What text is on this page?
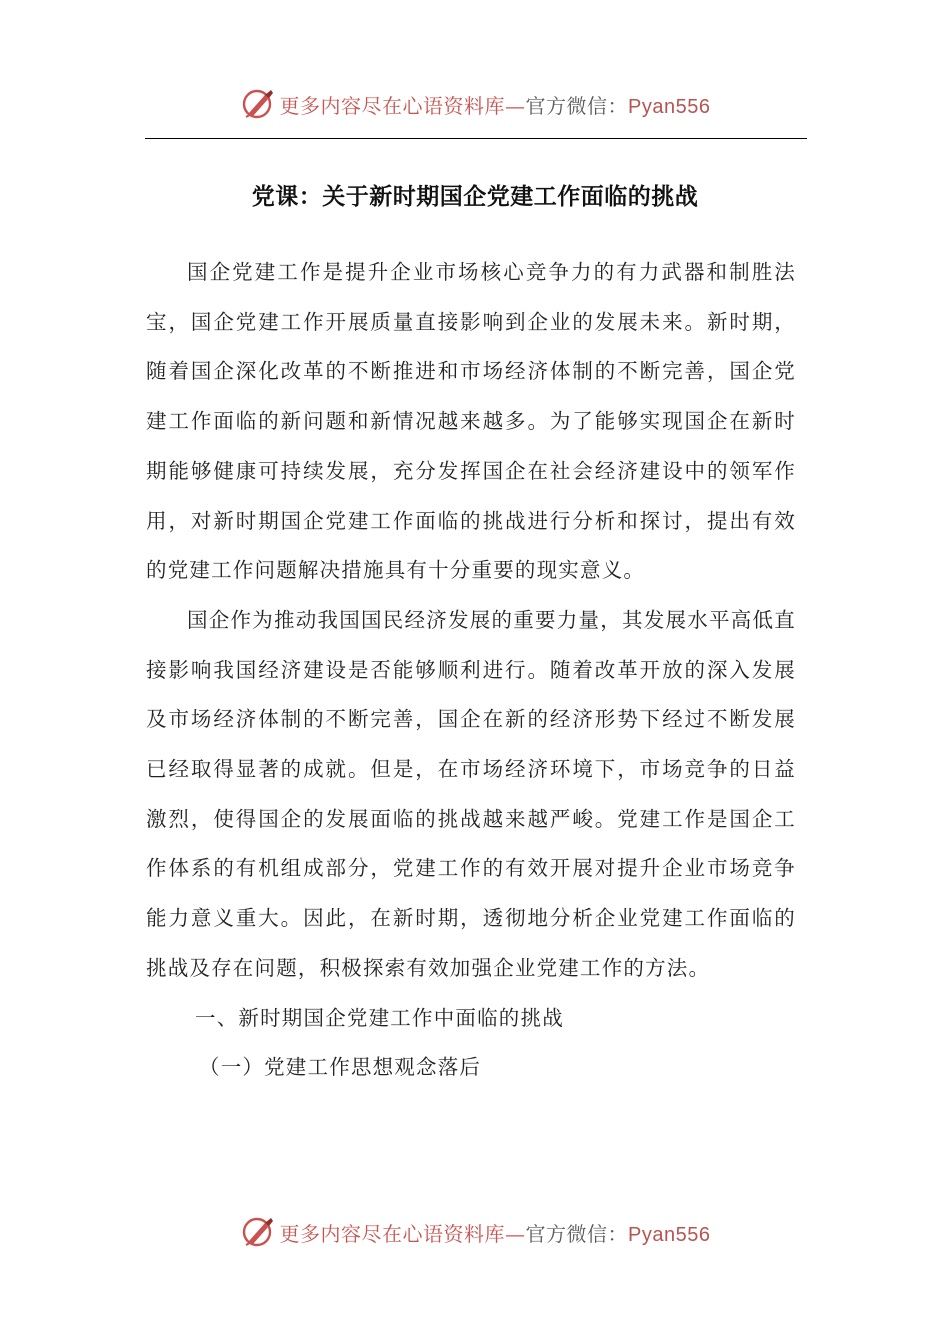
更多内容尽在心语资料库—官方微信：Pyan556
党课：关于新时期国企党建工作面临的挑战

国企党建工作是提升企业市场核心竞争力的有力武器和制胜法宝，国企党建工作开展质量直接影响到企业的发展未来。新时期，随着国企深化改革的不断推进和市场经济体制的不断完善，国企党建工作面临的新问题和新情况越来越多。为了能够实现国企在新时期能够健康可持续发展，充分发挥国企在社会经济建设中的领军作用，对新时期国企党建工作面临的挑战进行分析和探讨，提出有效的党建工作问题解决措施具有十分重要的现实意义。

国企作为推动我国国民经济发展的重要力量，其发展水平高低直接影响我国经济建设是否能够顺利进行。随着改革开放的深入发展及市场经济体制的不断完善，国企在新的经济形势下经过不断发展已经取得显著的成就。但是，在市场经济环境下，市场竞争的日益激烈，使得国企的发展面临的挑战越来越严峻。党建工作是国企工作体系的有机组成部分，党建工作的有效开展对提升企业市场竞争能力意义重大。因此，在新时期，透彻地分析企业党建工作面临的挑战及存在问题，积极探索有效加强企业党建工作的方法。

一、新时期国企党建工作中面临的挑战

（一）党建工作思想观念落后

更多内容尽在心语资料库—官方微信：Pyan556
